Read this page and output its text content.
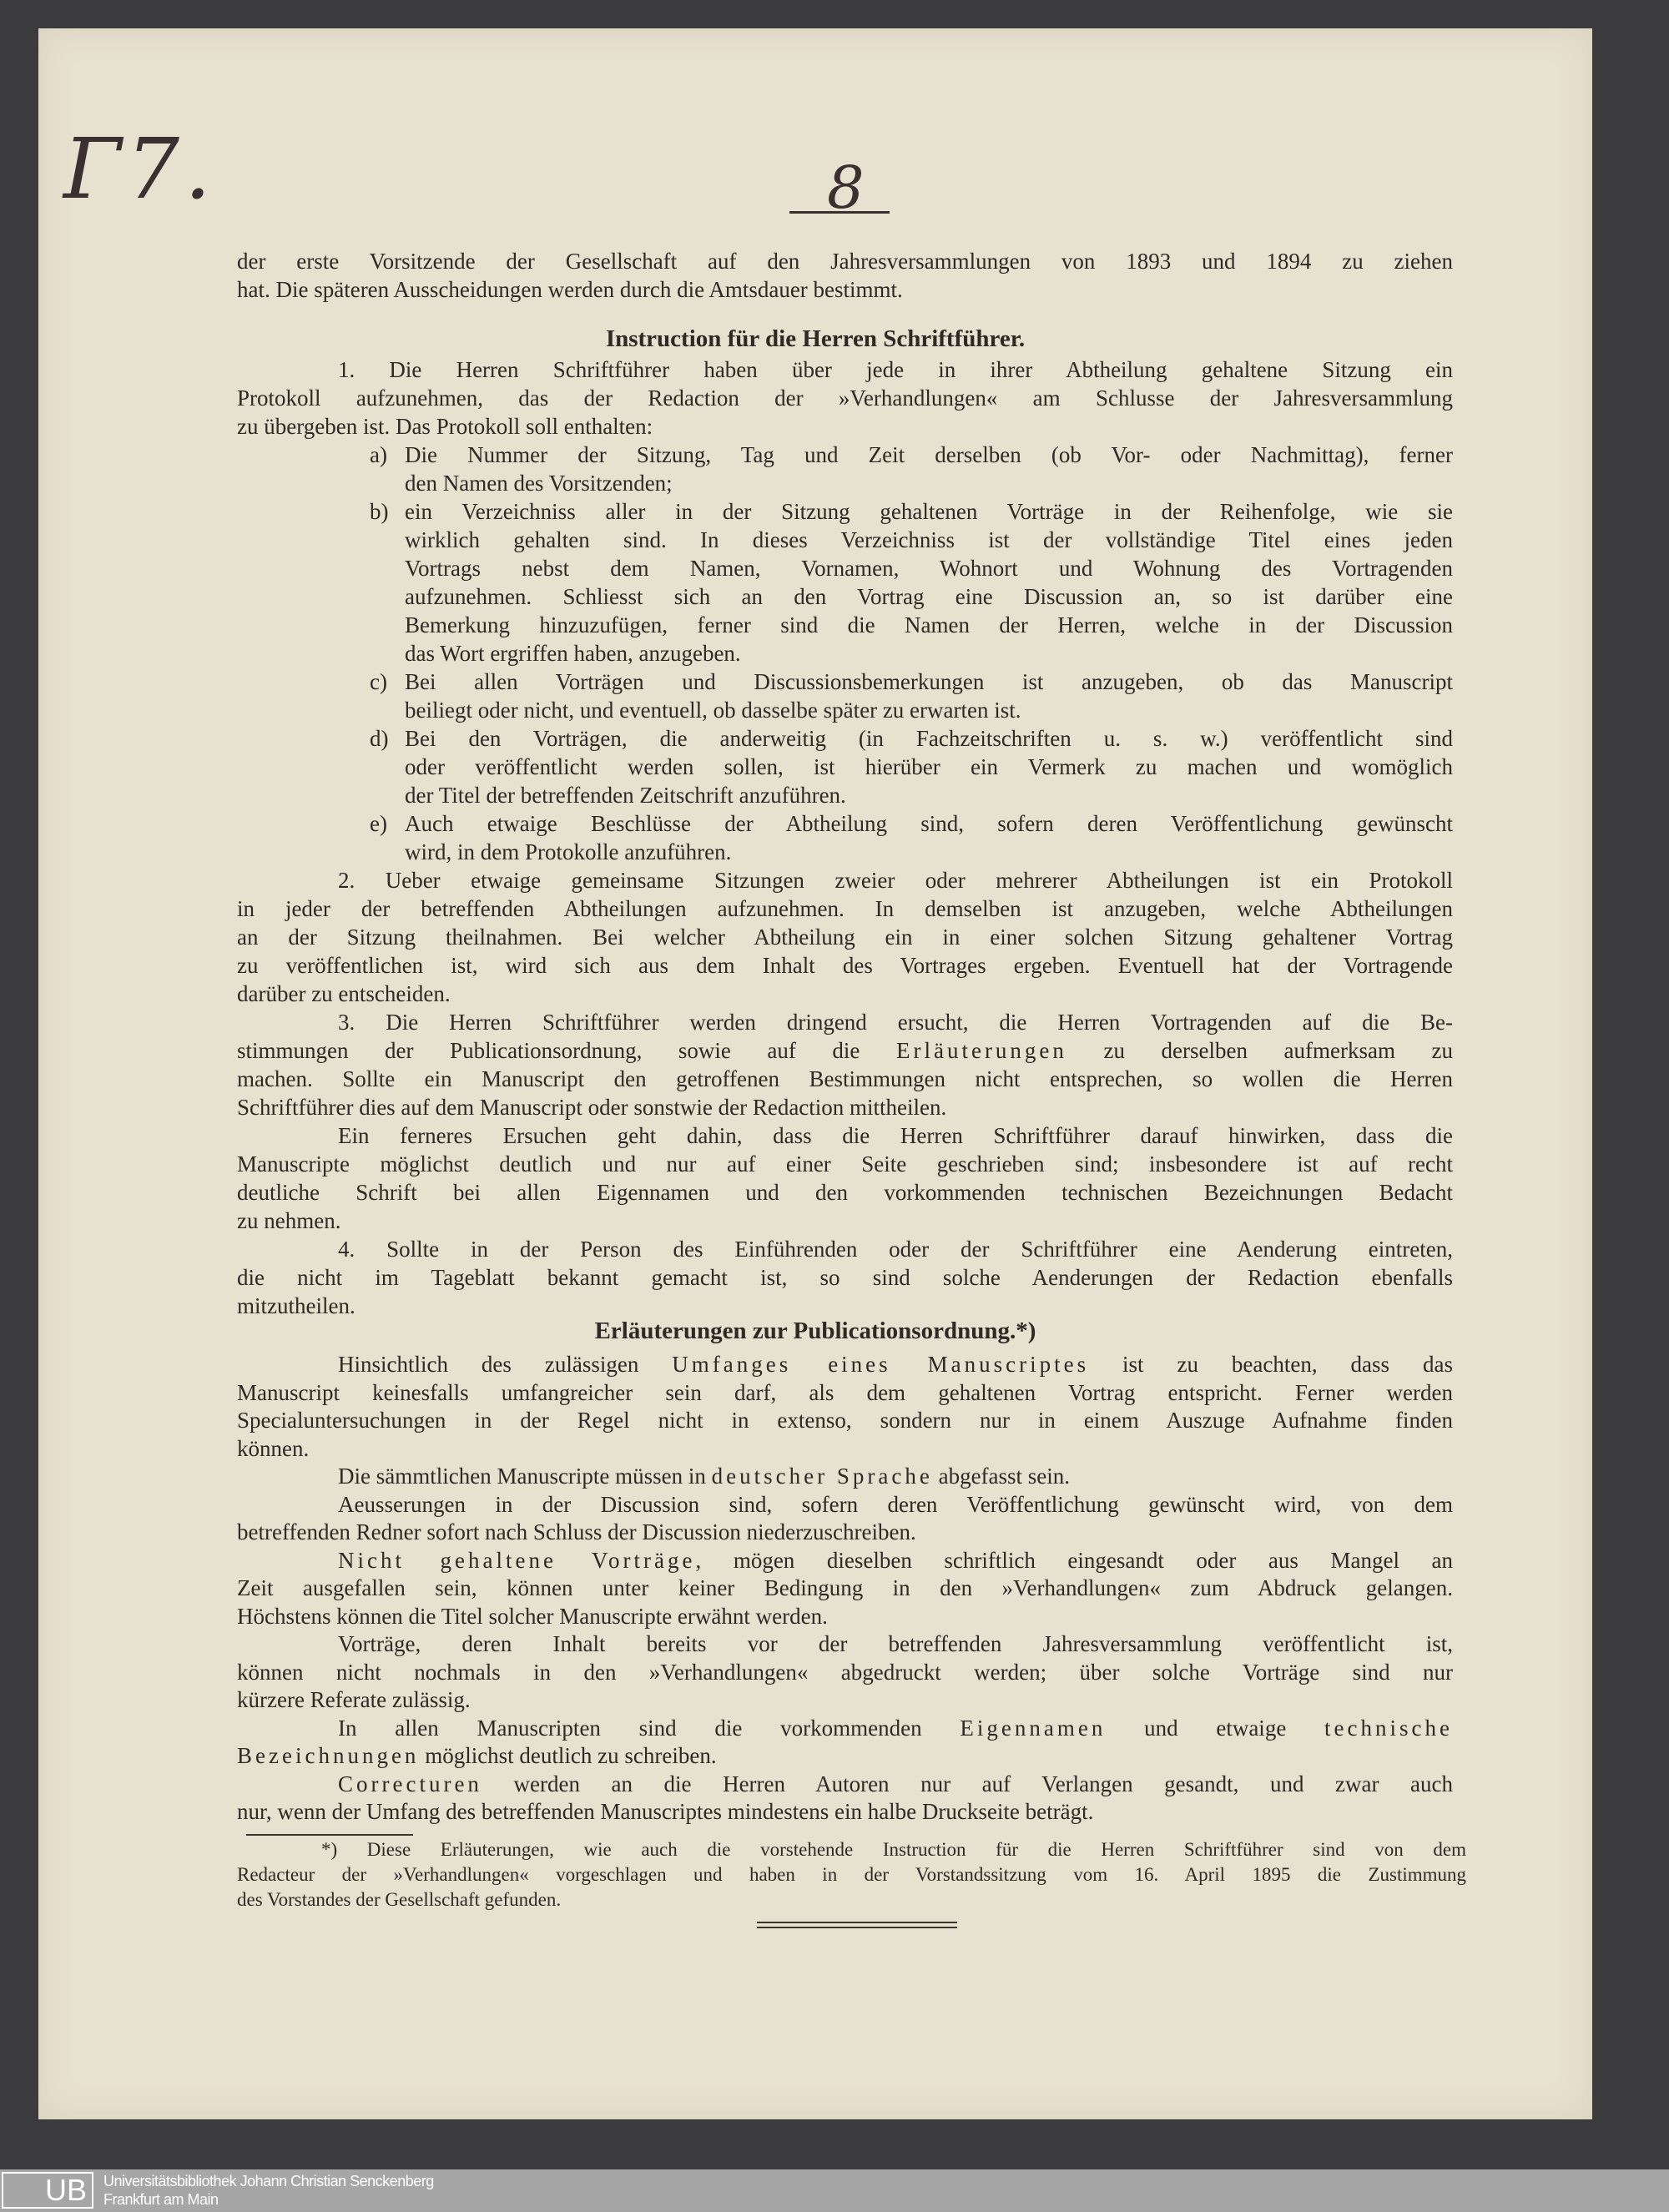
Γ7.	8
der erste Vorsitzende der Gesellschaft auf den Jahresversammlungen von 1893 und 1894 zu ziehen
hat. Die späteren Ausscheidungen werden durch die Amtsdauer bestimmt.
Instruction für die Herren Schriftführer.
1. Die Herren Schriftführer haben über jede in ihrer Abtheilung gehaltene Sitzung ein
Protokoll aufzunehmen, das der Redaction der »Verhandlungen« am Schlusse der Jahresversammlung
zu übergeben ist. Das Protokoll soll enthalten:
a) Die Nummer der Sitzung, Tag und Zeit derselben (ob Vor- oder Nachmittag), ferner
den Namen des Vorsitzenden;
b) ein Verzeichniss aller in der Sitzung gehaltenen Vorträge in der Reihenfolge, wie sie
wirklich gehalten sind. In dieses Verzeichniss ist der vollständige Titel eines jeden
Vortrags nebst dem Namen, Vornamen, Wohnort und Wohnung des Vortragenden
aufzunehmen. Schliesst sich an den Vortrag eine Discussion an, so ist darüber eine
Bemerkung hinzuzufügen, ferner sind die Namen der Herren, welche in der Discussion
das Wort ergriffen haben, anzugeben.
c) Bei allen Vorträgen und Discussionsbemerkungen ist anzugeben, ob das Manuscript
beiliegt oder nicht, und eventuell, ob dasselbe später zu erwarten ist.
d) Bei den Vorträgen, die anderweitig (in Fachzeitschriften u. s. w.) veröffentlicht sind
oder veröffentlicht werden sollen, ist hierüber ein Vermerk zu machen und womöglich
der Titel der betreffenden Zeitschrift anzuführen.
e) Auch etwaige Beschlüsse der Abtheilung sind, sofern deren Veröffentlichung gewünscht
wird, in dem Protokolle anzuführen.
2. Ueber etwaige gemeinsame Sitzungen zweier oder mehrerer Abtheilungen ist ein Protokoll
in jeder der betreffenden Abtheilungen aufzunehmen. In demselben ist anzugeben, welche Abtheilungen
an der Sitzung theilnahmen. Bei welcher Abtheilung ein in einer solchen Sitzung gehaltener Vortrag
zu veröffentlichen ist, wird sich aus dem Inhalt des Vortrages ergeben. Eventuell hat der Vortragende
darüber zu entscheiden.
3. Die Herren Schriftführer werden dringend ersucht, die Herren Vortragenden auf die Be-
stimmungen der Publicationsordnung, sowie auf die Erläuterungen zu derselben aufmerksam zu
machen. Sollte ein Manuscript den getroffenen Bestimmungen nicht entsprechen, so wollen die Herren
Schriftführer dies auf dem Manuscript oder sonstwie der Redaction mittheilen.
Ein ferneres Ersuchen geht dahin, dass die Herren Schriftführer darauf hinwirken, dass die
Manuscripte möglichst deutlich und nur auf einer Seite geschrieben sind; insbesondere ist auf recht
deutliche Schrift bei allen Eigennamen und den vorkommenden technischen Bezeichnungen Bedacht
zu nehmen.
4. Sollte in der Person des Einführenden oder der Schriftführer eine Aenderung eintreten,
die nicht im Tageblatt bekannt gemacht ist, so sind solche Aenderungen der Redaction ebenfalls
mitzutheilen.
Erläuterungen zur Publicationsordnung.*)
Hinsichtlich des zulässigen Umfanges eines Manuscriptes ist zu beachten, dass das
Manuscript keinesfalls umfangreicher sein darf, als dem gehaltenen Vortrag entspricht. Ferner werden
Specialuntersuchungen in der Regel nicht in extenso, sondern nur in einem Auszuge Aufnahme finden
können.
Die sämmtlichen Manuscripte müssen in deutscher Sprache abgefasst sein.
Aeusserungen in der Discussion sind, sofern deren Veröffentlichung gewünscht wird, von dem
betreffenden Redner sofort nach Schluss der Discussion niederzuschreiben.
Nicht gehaltene Vorträge, mögen dieselben schriftlich eingesandt oder aus Mangel an
Zeit ausgefallen sein, können unter keiner Bedingung in den »Verhandlungen« zum Abdruck gelangen.
Höchstens können die Titel solcher Manuscripte erwähnt werden.
Vorträge, deren Inhalt bereits vor der betreffenden Jahresversammlung veröffentlicht ist,
können nicht nochmals in den »Verhandlungen« abgedruckt werden; über solche Vorträge sind nur
kürzere Referate zulässig.
In allen Manuscripten sind die vorkommenden Eigennamen und etwaige technische
Bezeichnungen möglichst deutlich zu schreiben.
Correcturen werden an die Herren Autoren nur auf Verlangen gesandt, und zwar auch
nur, wenn der Umfang des betreffenden Manuscriptes mindestens ein halbe Druckseite beträgt.
*) Diese Erläuterungen, wie auch die vorstehende Instruction für die Herren Schriftführer sind von dem
Redacteur der »Verhandlungen« vorgeschlagen und haben in der Vorstandssitzung vom 16. April 1895 die Zustimmung
des Vorstandes der Gesellschaft gefunden.
UB	Universitätsbibliothek Johann Christian Senckenberg
Frankfurt am Main
